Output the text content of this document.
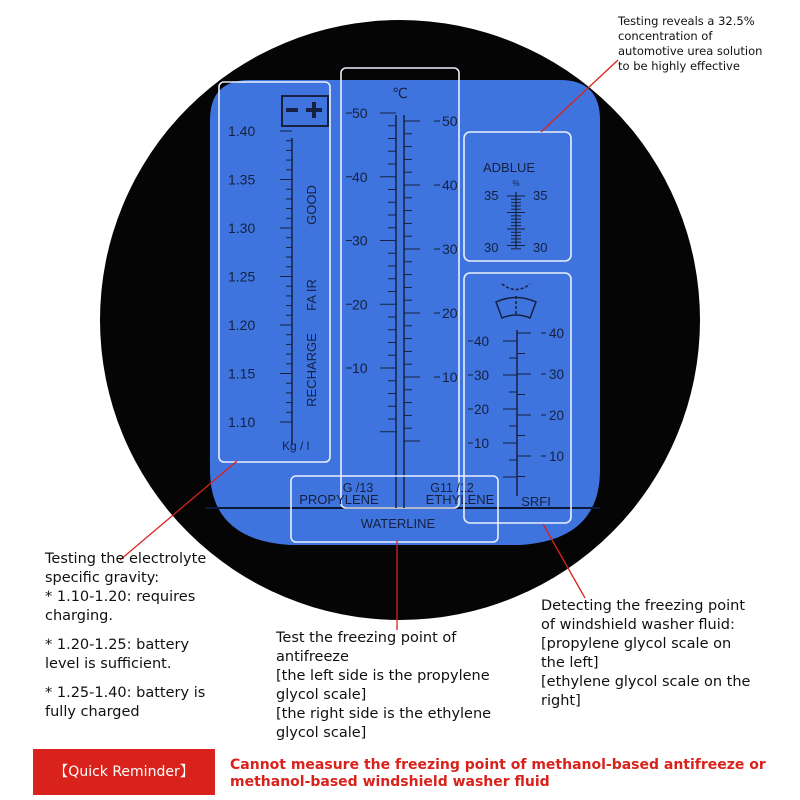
1.40
1.35
1.30
1.25
1.20
1.15
1.10
GOOD
FA IR
RECHARGE
Kg / l
℃
50
40
30
20
10
50
40
30
20
10
G /13	G11 /12
PROPYLENE	ETHYLENE
WATERLINE
ADBLUE
%
35	35
30	30
40
30
20
10
40
30
20
10
SRFI
Testing reveals a 32.5%
concentration of
automotive urea solution
to be highly effective
Testing the electrolyte
specific gravity:
* 1.10-1.20: requires
charging.
* 1.20-1.25: battery
level is sufficient.
* 1.25-1.40: battery is
fully charged
Test the freezing point of
antifreeze
[the left side is the propylene
glycol scale]
[the right side is the ethylene
glycol scale]
Detecting the freezing point
of windshield washer fluid:
[propylene glycol scale on
the left]
[ethylene glycol scale on the
right]
【Quick Reminder】	Cannot measure the freezing point of methanol-based antifreeze or
methanol-based windshield washer fluid
